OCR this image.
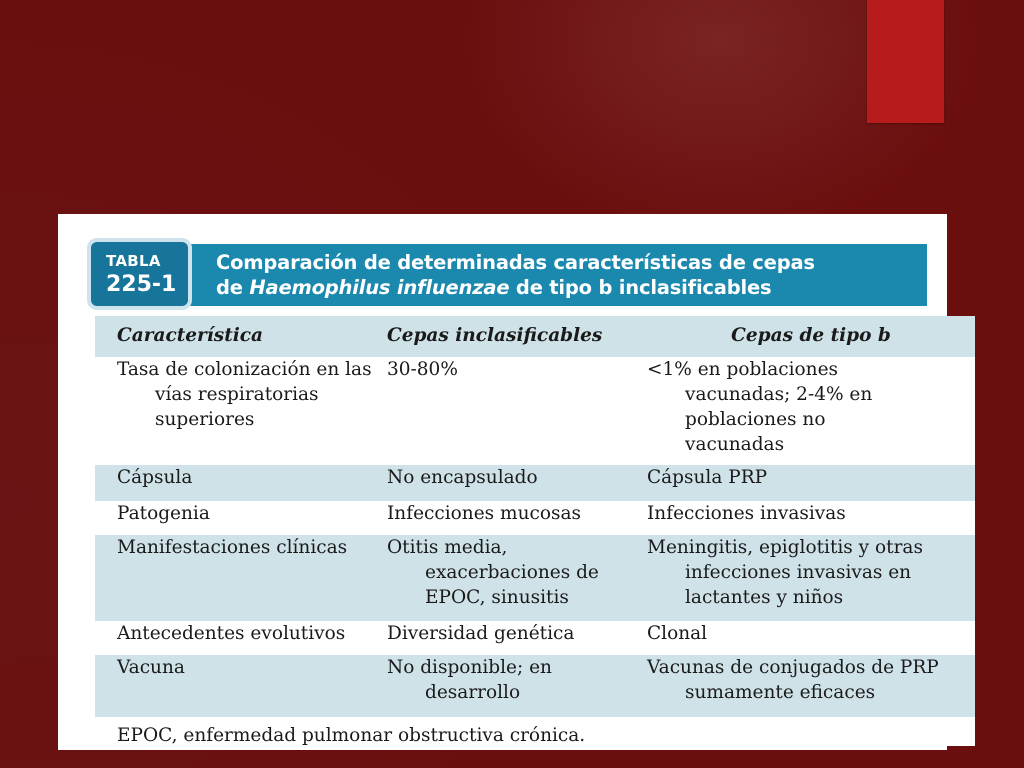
TABLA
225-1
Comparación de determinadas características de cepas
de Haemophilus influenzae de tipo b inclasificables
Característica	Cepas inclasificables	Cepas de tipo b

Tasa de colonización en las vías respiratorias superiores	30-80%	<1% en poblaciones vacunadas; 2-4% en poblaciones no vacunadas

Cápsula	No encapsulado	Cápsula PRP

Patogenia	Infecciones mucosas	Infecciones invasivas

Manifestaciones clínicas	Otitis media, exacerbaciones de EPOC, sinusitis	Meningitis, epiglotitis y otras infecciones invasivas en lactantes y niños

Antecedentes evolutivos	Diversidad genética	Clonal

Vacuna	No disponible; en desarrollo	Vacunas de conjugados de PRP sumamente eficaces

EPOC, enfermedad pulmonar obstructiva crónica.		
